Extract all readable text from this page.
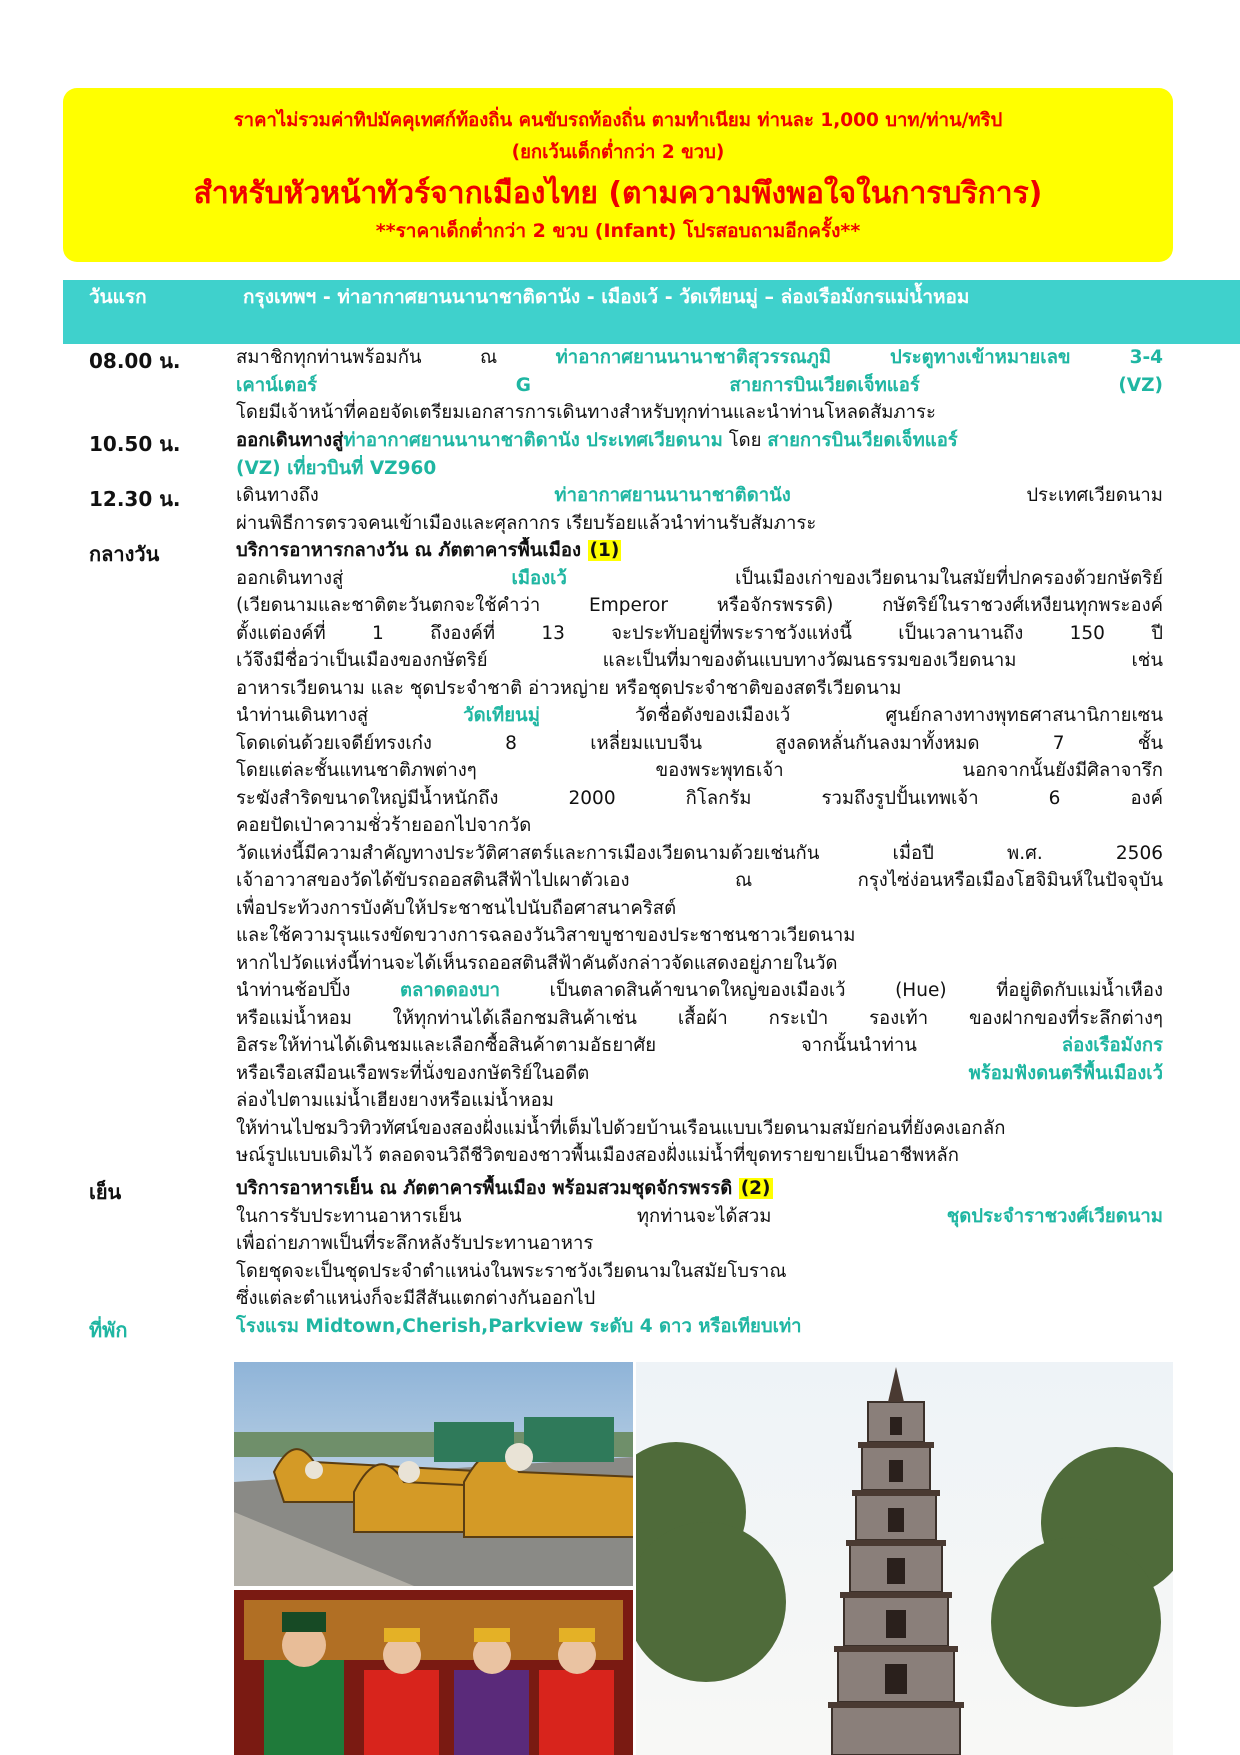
ราคาไม่รวมค่าทิปมัคคุเทศก์ท้องถิ่น คนขับรถท้องถิ่น ตามทำเนียม ท่านละ 1,000 บาท/ท่าน/ทริป
(ยกเว้นเด็กต่ำกว่า 2 ขวบ)
สำหรับหัวหน้าทัวร์จากเมืองไทย (ตามความพึงพอใจในการบริการ)
**ราคาเด็กต่ำกว่า 2 ขวบ (Infant) โปรสอบถามอีกครั้ง**
วันแรก	กรุงเทพฯ - ท่าอากาศยานนานาชาติดานัง - เมืองเว้ - วัดเทียนมู่ – ล่องเรือมังกรแม่น้ำหอม
08.00 น.	สมาชิกทุกท่านพร้อมกัน ณ ท่าอากาศยานนานาชาติสุวรรณภูมิ ประตูทางเข้าหมายเลข 3-4
เคาน์เตอร์ G สายการบินเวียดเจ็ทแอร์ (VZ)
โดยมีเจ้าหน้าที่คอยจัดเตรียมเอกสารการเดินทางสำหรับทุกท่านและนำท่านโหลดสัมภาระ
10.50 น.	ออกเดินทางสู่ท่าอากาศยานนานาชาติดานัง ประเทศเวียดนาม โดย สายการบินเวียดเจ็ทแอร์
(VZ) เที่ยวบินที่ VZ960
12.30 น.	เดินทางถึง ท่าอากาศยานนานาชาติดานัง ประเทศเวียดนาม
ผ่านพิธีการตรวจคนเข้าเมืองและศุลกากร เรียบร้อยแล้วนำท่านรับสัมภาระ
กลางวัน	บริการอาหารกลางวัน ณ ภัตตาคารพื้นเมือง (1)
ออกเดินทางสู่ เมืองเว้ เป็นเมืองเก่าของเวียดนามในสมัยที่ปกครองด้วยกษัตริย์
(เวียดนามและชาติตะวันตกจะใช้คำว่า Emperor หรือจักรพรรดิ) กษัตริย์ในราชวงศ์เหงียนทุกพระองค์
ตั้งแต่องค์ที่ 1 ถึงองค์ที่ 13 จะประทับอยู่ที่พระราชวังแห่งนี้ เป็นเวลานานถึง 150 ปี
เว้จึงมีชื่อว่าเป็นเมืองของกษัตริย์ และเป็นที่มาของต้นแบบทางวัฒนธรรมของเวียดนาม เช่น
อาหารเวียดนาม และ ชุดประจำชาติ อ่าวหญ่าย หรือชุดประจำชาติของสตรีเวียดนาม
นำท่านเดินทางสู่ วัดเทียนมู่ วัดชื่อดังของเมืองเว้ ศูนย์กลางทางพุทธศาสนานิกายเซน
โดดเด่นด้วยเจดีย์ทรงเก๋ง 8 เหลี่ยมแบบจีน สูงลดหลั่นกันลงมาทั้งหมด 7 ชั้น
โดยแต่ละชั้นแทนชาติภพต่างๆ ของพระพุทธเจ้า นอกจากนั้นยังมีศิลาจารึก
ระฆังสำริดขนาดใหญ่มีน้ำหนักถึง 2000 กิโลกรัม รวมถึงรูปปั้นเทพเจ้า 6 องค์
คอยปัดเป่าความชั่วร้ายออกไปจากวัด
วัดแห่งนี้มีความสำคัญทางประวัติศาสตร์และการเมืองเวียดนามด้วยเช่นกัน เมื่อปี พ.ศ. 2506
เจ้าอาวาสของวัดได้ขับรถออสตินสีฟ้าไปเผาตัวเอง ณ กรุงไซ่ง่อนหรือเมืองโฮจิมินห์ในปัจจุบัน
เพื่อประท้วงการบังคับให้ประชาชนไปนับถือศาสนาคริสต์
และใช้ความรุนแรงขัดขวางการฉลองวันวิสาขบูชาของประชาชนชาวเวียดนาม
หากไปวัดแห่งนี้ท่านจะได้เห็นรถออสตินสีฟ้าคันดังกล่าวจัดแสดงอยู่ภายในวัด
นำท่านช้อปปิ้ง ตลาดดองบา เป็นตลาดสินค้าขนาดใหญ่ของเมืองเว้ (Hue) ที่อยู่ติดกับแม่น้ำเหือง
หรือแม่น้ำหอม ให้ทุกท่านได้เลือกชมสินค้าเช่น เสื้อผ้า กระเป๋า รองเท้า ของฝากของที่ระลึกต่างๆ
อิสระให้ท่านได้เดินชมและเลือกซื้อสินค้าตามอัธยาศัย จากนั้นนำท่าน ล่องเรือมังกร
หรือเรือเสมือนเรือพระที่นั่งของกษัตริย์ในอดีต พร้อมฟังดนตรีพื้นเมืองเว้
ล่องไปตามแม่น้ำเฮียงยางหรือแม่น้ำหอม
ให้ท่านไปชมวิวทิวทัศน์ของสองฝั่งแม่น้ำที่เต็มไปด้วยบ้านเรือนแบบเวียดนามสมัยก่อนที่ยังคงเอกลัก
ษณ์รูปแบบเดิมไว้ ตลอดจนวิถีชีวิตของชาวพื้นเมืองสองฝั่งแม่น้ำที่ขุดทรายขายเป็นอาชีพหลัก
เย็น	บริการอาหารเย็น ณ ภัตตาคารพื้นเมือง พร้อมสวมชุดจักรพรรดิ (2)
ในการรับประทานอาหารเย็น ทุกท่านจะได้สวม ชุดประจำราชวงศ์เวียดนาม
เพื่อถ่ายภาพเป็นที่ระลึกหลังรับประทานอาหาร
โดยชุดจะเป็นชุดประจำตำแหน่งในพระราชวังเวียดนามในสมัยโบราณ
ซึ่งแต่ละตำแหน่งก็จะมีสีสันแตกต่างกันออกไป
ที่พัก	โรงแรม Midtown,Cherish,Parkview ระดับ 4 ดาว หรือเทียบเท่า
